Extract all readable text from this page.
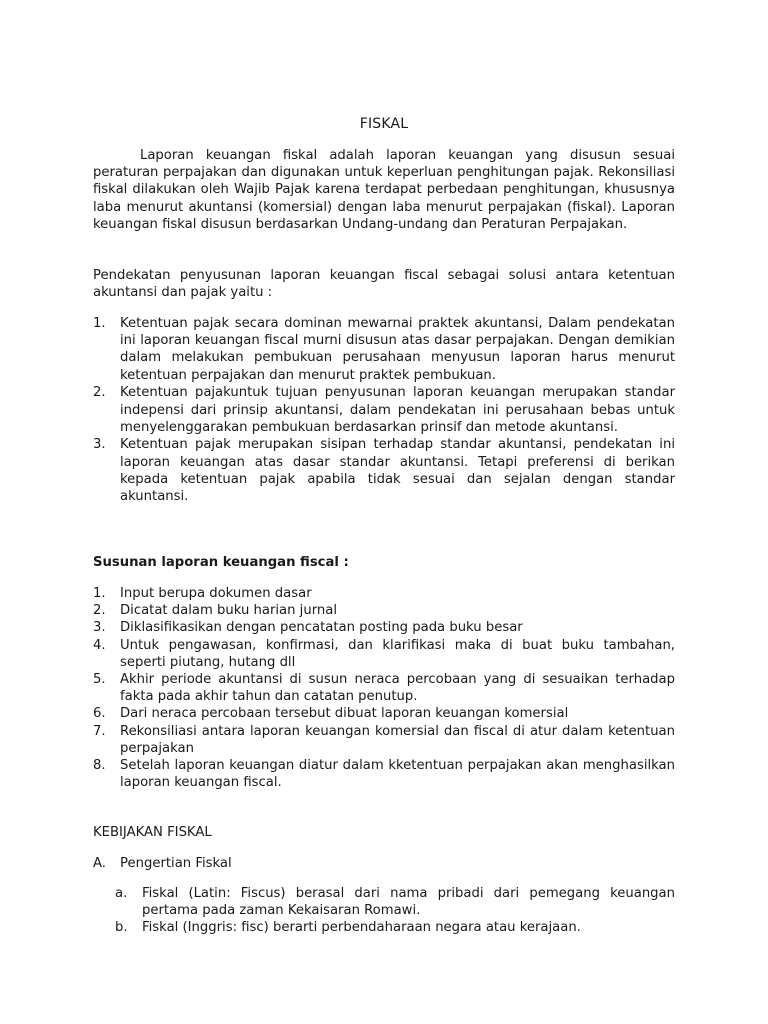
FISKAL

Laporan keuangan fiskal adalah laporan keuangan yang disusun sesuai peraturan perpajakan dan digunakan untuk keperluan penghitungan pajak. Rekonsiliasi fiskal dilakukan oleh Wajib Pajak karena terdapat perbedaan penghitungan, khususnya laba menurut akuntansi (komersial) dengan laba menurut perpajakan (fiskal). Laporan keuangan fiskal disusun berdasarkan Undang-undang dan Peraturan Perpajakan.

Pendekatan penyusunan laporan keuangan fiscal sebagai solusi antara ketentuan akuntansi dan pajak yaitu :

1. Ketentuan pajak secara dominan mewarnai praktek akuntansi, Dalam pendekatan ini laporan keuangan fiscal murni disusun atas dasar perpajakan. Dengan demikian dalam melakukan pembukuan perusahaan menyusun laporan harus menurut ketentuan perpajakan dan menurut praktek pembukuan.
2. Ketentuan pajakuntuk tujuan penyusunan laporan keuangan merupakan standar indepensi dari prinsip akuntansi, dalam pendekatan ini perusahaan bebas untuk menyelenggarakan pembukuan berdasarkan prinsif dan metode akuntansi.
3. Ketentuan pajak merupakan sisipan terhadap standar akuntansi, pendekatan ini laporan keuangan atas dasar standar akuntansi. Tetapi preferensi di berikan kepada ketentuan pajak apabila tidak sesuai dan sejalan dengan standar akuntansi.
Susunan laporan keuangan fiscal :
1. Input berupa dokumen dasar
2. Dicatat dalam buku harian jurnal
3. Diklasifikasikan dengan pencatatan posting pada buku besar
4. Untuk pengawasan, konfirmasi, dan klarifikasi maka di buat buku tambahan, seperti piutang, hutang dll
5. Akhir periode akuntansi di susun neraca percobaan yang di sesuaikan terhadap fakta pada akhir tahun dan catatan penutup.
6. Dari neraca percobaan tersebut dibuat laporan keuangan komersial
7. Rekonsiliasi antara laporan keuangan komersial dan fiscal di atur dalam ketentuan perpajakan
8. Setelah laporan keuangan diatur dalam kketentuan perpajakan akan menghasilkan laporan keuangan fiscal.
KEBIJAKAN FISKAL
A. Pengertian Fiskal
a. Fiskal (Latin: Fiscus) berasal dari nama pribadi dari pemegang keuangan pertama pada zaman Kekaisaran Romawi.
b. Fiskal (Inggris: fisc) berarti perbendaharaan negara atau kerajaan.
